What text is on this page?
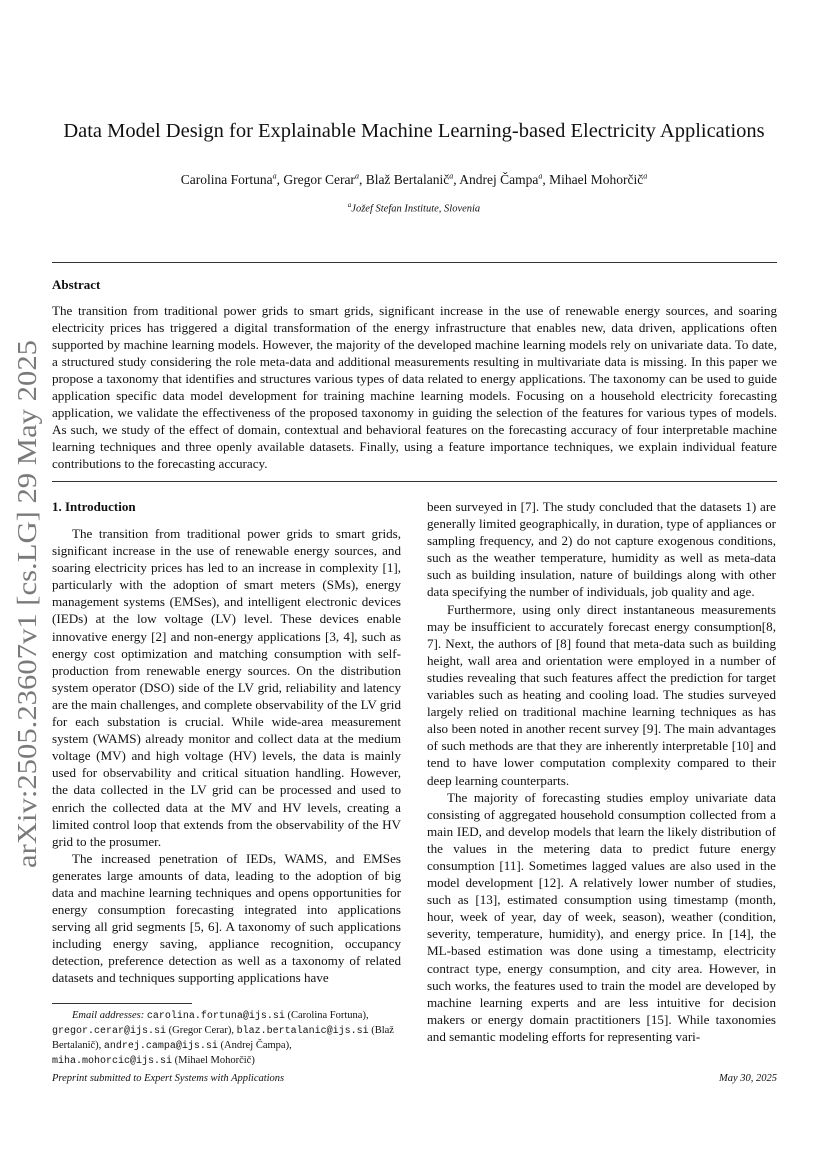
arXiv:2505.23607v1 [cs.LG] 29 May 2025
Data Model Design for Explainable Machine Learning-based Electricity Applications
Carolina Fortuna$^a$, Gregor Cerar$^a$, Blaž Bertalanič$^a$, Andrej Čampa$^a$, Mihael Mohorčič$^a$
$^a$Jožef Stefan Institute, Slovenia
Abstract
The transition from traditional power grids to smart grids, significant increase in the use of renewable energy sources, and soaring electricity prices has triggered a digital transformation of the energy infrastructure that enables new, data driven, applications often supported by machine learning models. However, the majority of the developed machine learning models rely on univariate data. To date, a structured study considering the role meta-data and additional measurements resulting in multivariate data is missing. In this paper we propose a taxonomy that identifies and structures various types of data related to energy applications. The taxonomy can be used to guide application specific data model development for training machine learning models. Focusing on a household electricity forecasting application, we validate the effectiveness of the proposed taxonomy in guiding the selection of the features for various types of models. As such, we study of the effect of domain, contextual and behavioral features on the forecasting accuracy of four interpretable machine learning techniques and three openly available datasets. Finally, using a feature importance techniques, we explain individual feature contributions to the forecasting accuracy.
1. Introduction

The transition from traditional power grids to smart grids, significant increase in the use of renewable energy sources, and soaring electricity prices has led to an increase in complexity [1], particularly with the adoption of smart meters (SMs), energy management systems (EMSes), and intelligent electronic devices (IEDs) at the low voltage (LV) level. These devices enable innovative energy [2] and non-energy applications [3, 4], such as energy cost optimization and matching consumption with self-production from renewable energy sources. On the distribution system operator (DSO) side of the LV grid, reliability and latency are the main challenges, and complete observability of the LV grid for each substation is crucial. While wide-area measurement system (WAMS) already monitor and collect data at the medium voltage (MV) and high voltage (HV) levels, the data is mainly used for observability and critical situation handling. However, the data collected in the LV grid can be processed and used to enrich the collected data at the MV and HV levels, creating a limited control loop that extends from the observability of the HV grid to the prosumer.

The increased penetration of IEDs, WAMS, and EMSes generates large amounts of data, leading to the adoption of big data and machine learning techniques and opens opportunities for energy consumption forecasting integrated into applications serving all grid segments [5, 6]. A taxonomy of such applications including energy saving, appliance recognition, occupancy detection, preference detection as well as a taxonomy of related datasets and techniques supporting applications have

been surveyed in [7]. The study concluded that the datasets 1) are generally limited geographically, in duration, type of appliances or sampling frequency, and 2) do not capture exogenous conditions, such as the weather temperature, humidity as well as meta-data such as building insulation, nature of buildings along with other data specifying the number of individuals, job quality and age.

Furthermore, using only direct instantaneous measurements may be insufficient to accurately forecast energy consumption[8, 7]. Next, the authors of [8] found that meta-data such as building height, wall area and orientation were employed in a number of studies revealing that such features affect the prediction for target variables such as heating and cooling load. The studies surveyed largely relied on traditional machine learning techniques as has also been noted in another recent survey [9]. The main advantages of such methods are that they are inherently interpretable [10] and tend to have lower computation complexity compared to their deep learning counterparts.

The majority of forecasting studies employ univariate data consisting of aggregated household consumption collected from a main IED, and develop models that learn the likely distribution of the values in the metering data to predict future energy consumption [11]. Sometimes lagged values are also used in the model development [12]. A relatively lower number of studies, such as [13], estimated consumption using timestamp (month, hour, week of year, day of week, season), weather (condition, severity, temperature, humidity), and energy price. In [14], the ML-based estimation was done using a timestamp, electricity contract type, energy consumption, and city area. However, in such works, the features used to train the model are developed by machine learning experts and are less intuitive for decision makers or energy domain practitioners [15]. While taxonomies and semantic modeling efforts for representing vari-

Email addresses: carolina.fortuna@ijs.si (Carolina Fortuna), gregor.cerar@ijs.si (Gregor Cerar), blaz.bertalanic@ijs.si (Blaž Bertalanič), andrej.campa@ijs.si (Andrej Čampa), miha.mohorcic@ijs.si (Mihael Mohorčič)
Preprint submitted to Expert Systems with Applications	May 30, 2025
